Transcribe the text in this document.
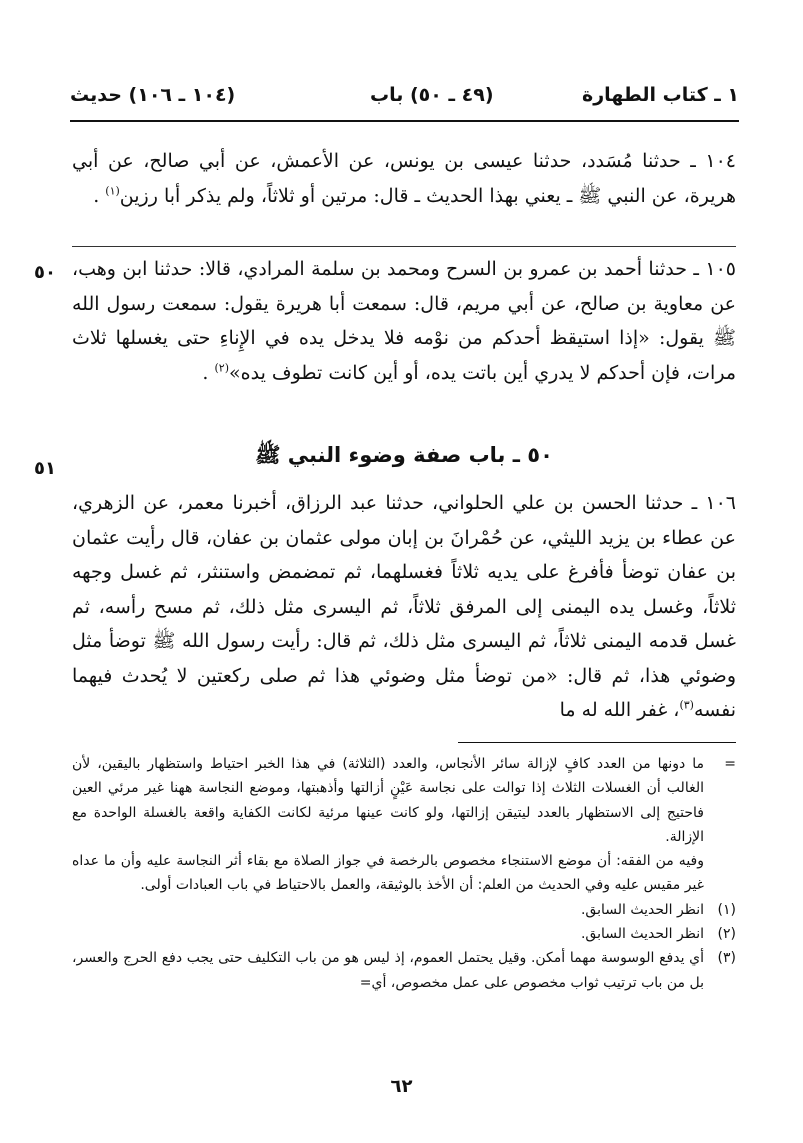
١ ـ كتاب الطهارة
(٤٩ ـ ٥٠) باب
(١٠٤ ـ ١٠٦) حديث

١٠٤ ـ حدثنا مُسَدد، حدثنا عيسى بن يونس، عن الأعمش، عن أبي صالح، عن أبي هريرة، عن النبي ﷺ ـ يعني بهذا الحديث ـ قال: مرتين أو ثلاثاً، ولم يذكر أبا رزين$^{(١)}$ .

٥٠ ١٠٥ ـ حدثنا أحمد بن عمرو بن السرح ومحمد بن سلمة المرادي، قالا: حدثنا ابن وهب، عن معاوية بن صالح، عن أبي مريم، قال: سمعت أبا هريرة يقول: سمعت رسول الله ﷺ يقول: «إذا استيقظ أحدكم من نوْمه فلا يدخل يده في الإِناءِ حتى يغسلها ثلاث مرات، فإن أحدكم لا يدري أين باتت يده، أو أين كانت تطوف يده»$^{(٢)}$ .

٥١
٥٠ ـ باب صفة وضوء النبي ﷺ

١٠٦ ـ حدثنا الحسن بن علي الحلواني، حدثنا عبد الرزاق، أخبرنا معمر، عن الزهري، عن عطاء بن يزيد الليثي، عن حُمْرانَ بن إبان مولى عثمان بن عفان، قال رأيت عثمان بن عفان توضأ فأفرغ على يديه ثلاثاً فغسلهما، ثم تمضمض واستنثر، ثم غسل وجهه ثلاثاً، وغسل يده اليمنى إلى المرفق ثلاثاً، ثم اليسرى مثل ذلك، ثم مسح رأسه، ثم غسل قدمه اليمنى ثلاثاً، ثم اليسرى مثل ذلك، ثم قال: رأيت رسول الله ﷺ توضأ مثل وضوئي هذا، ثم قال: «من توضأ مثل وضوئي هذا ثم صلى ركعتين لا يُحدث فيهما نفسه$^{(٣)}$، غفر الله له ما

=
ما دونها من العدد كافٍ لإزالة سائر الأنجاس، والعدد (الثلاثة) في هذا الخبر احتياط واستظهار باليقين، لأن الغالب أن الغسلات الثلاث إذا توالت على نجاسة عَيْنٍ أزالتها وأذهبتها، وموضع النجاسة ههنا غير مرئي العين فاحتيج إلى الاستظهار بالعدد ليتيقن إزالتها، ولو كانت عينها مرئية لكانت الكفاية واقعة بالغسلة الواحدة مع الإزالة.
وفيه من الفقه: أن موضع الاستنجاء مخصوص بالرخصة في جواز الصلاة مع بقاء أثر النجاسة عليه وأن ما عداه غير مقيس عليه وفي الحديث من العلم: أن الأخذ بالوثيقة، والعمل بالاحتياط في باب العبادات أولى.
(١)
انظر الحديث السابق.
(٢)
انظر الحديث السابق.
(٣)
أي يدفع الوسوسة مهما أمكن. وقيل يحتمل العموم، إذ ليس هو من باب التكليف حتى يجب دفع الحرج والعسر، بل من باب ترتيب ثواب مخصوص على عمل مخصوص، أي=
٦٢
